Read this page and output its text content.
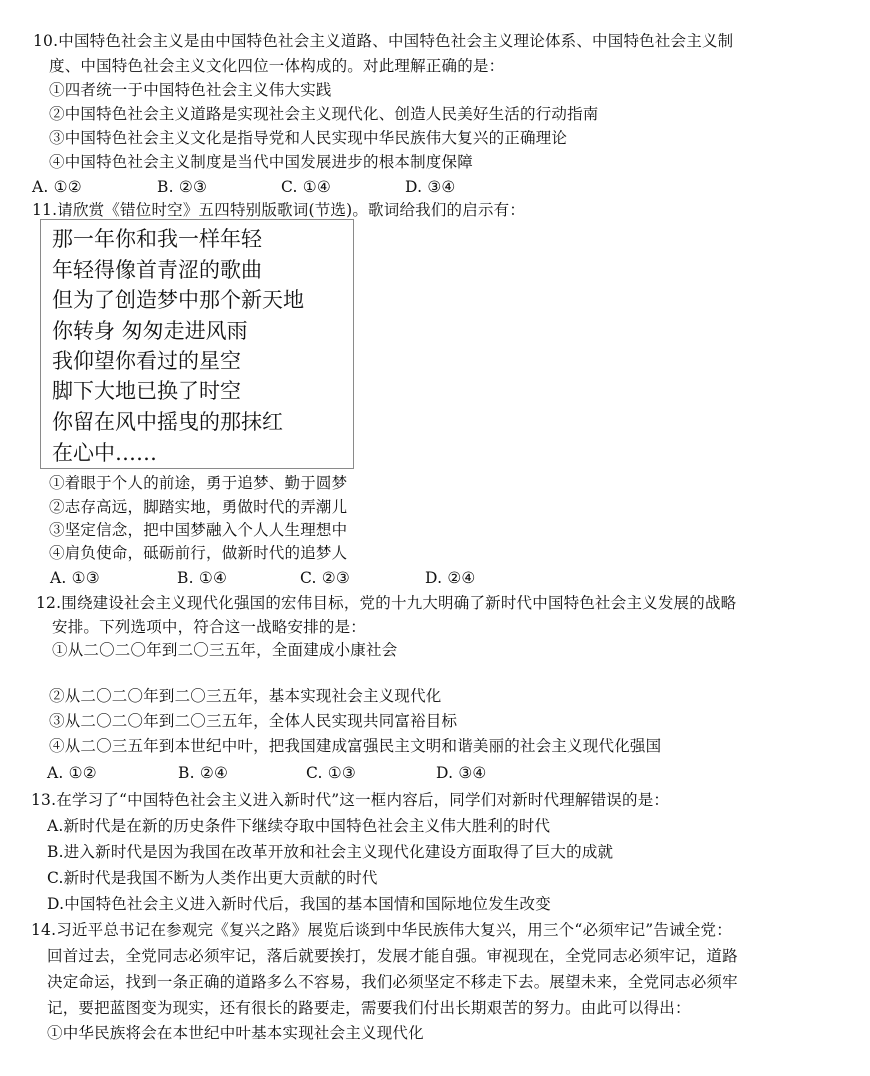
10.中国特色社会主义是由中国特色社会主义道路、中国特色社会主义理论体系、中国特色社会主义制
度、中国特色社会主义文化四位一体构成的。对此理解正确的是：
①四者统一于中国特色社会主义伟大实践
②中国特色社会主义道路是实现社会主义现代化、创造人民美好生活的行动指南
③中国特色社会主义文化是指导党和人民实现中华民族伟大复兴的正确理论
④中国特色社会主义制度是当代中国发展进步的根本制度保障
A. ①②	B. ②③	C. ①④	D. ③④
11.请欣赏《错位时空》五四特别版歌词(节选)。歌词给我们的启示有：
那一年你和我一样年轻
年轻得像首青涩的歌曲
但为了创造梦中那个新天地
你转身 匆匆走进风雨
我仰望你看过的星空
脚下大地已换了时空
你留在风中摇曳的那抹红
在心中……
①着眼于个人的前途，勇于追梦、勤于圆梦
②志存高远，脚踏实地，勇做时代的弄潮儿
③坚定信念，把中国梦融入个人人生理想中
④肩负使命，砥砺前行，做新时代的追梦人
A. ①③	B. ①④	C. ②③	D. ②④
12.围绕建设社会主义现代化强国的宏伟目标，党的十九大明确了新时代中国特色社会主义发展的战略
安排。下列选项中，符合这一战略安排的是：
①从二〇二〇年到二〇三五年，全面建成小康社会
②从二〇二〇年到二〇三五年，基本实现社会主义现代化
③从二〇二〇年到二〇三五年，全体人民实现共同富裕目标
④从二〇三五年到本世纪中叶，把我国建成富强民主文明和谐美丽的社会主义现代化强国
A. ①②	B. ②④	C. ①③	D. ③④
13.在学习了“中国特色社会主义进入新时代”这一框内容后，同学们对新时代理解错误的是：
A.新时代是在新的历史条件下继续夺取中国特色社会主义伟大胜利的时代
B.进入新时代是因为我国在改革开放和社会主义现代化建设方面取得了巨大的成就
C.新时代是我国不断为人类作出更大贡献的时代
D.中国特色社会主义进入新时代后，我国的基本国情和国际地位发生改变
14.习近平总书记在参观完《复兴之路》展览后谈到中华民族伟大复兴，用三个“必须牢记”告诫全党：
回首过去，全党同志必须牢记，落后就要挨打，发展才能自强。审视现在，全党同志必须牢记，道路
决定命运，找到一条正确的道路多么不容易，我们必须坚定不移走下去。展望未来，全党同志必须牢
记，要把蓝图变为现实，还有很长的路要走，需要我们付出长期艰苦的努力。由此可以得出：
①中华民族将会在本世纪中叶基本实现社会主义现代化
